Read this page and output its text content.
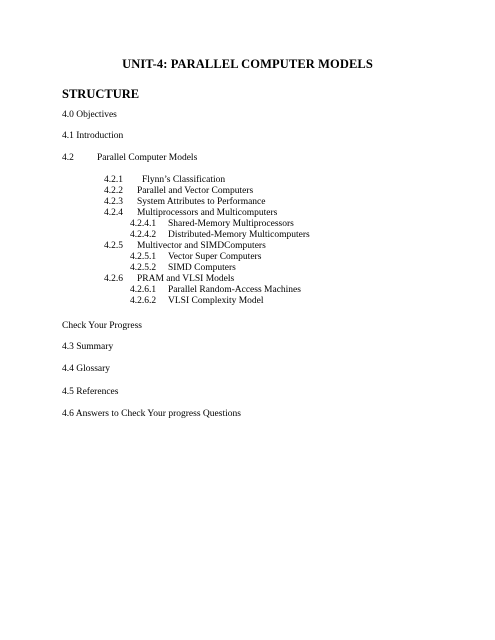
UNIT-4: PARALLEL COMPUTER MODELS
STRUCTURE
4.0 Objectives
4.1 Introduction
4.2 Parallel Computer Models
4.2.1 Flynn’s Classification
4.2.2 Parallel and Vector Computers
4.2.3 System Attributes to Performance
4.2.4 Multiprocessors and Multicomputers
4.2.4.1 Shared-Memory Multiprocessors
4.2.4.2 Distributed-Memory Multicomputers
4.2.5 Multivector and SIMDComputers
4.2.5.1 Vector Super Computers
4.2.5.2 SIMD Computers
4.2.6 PRAM and VLSI Models
4.2.6.1 Parallel Random-Access Machines
4.2.6.2 VLSI Complexity Model
Check Your Progress
4.3 Summary
4.4 Glossary
4.5 References
4.6 Answers to Check Your progress Questions
